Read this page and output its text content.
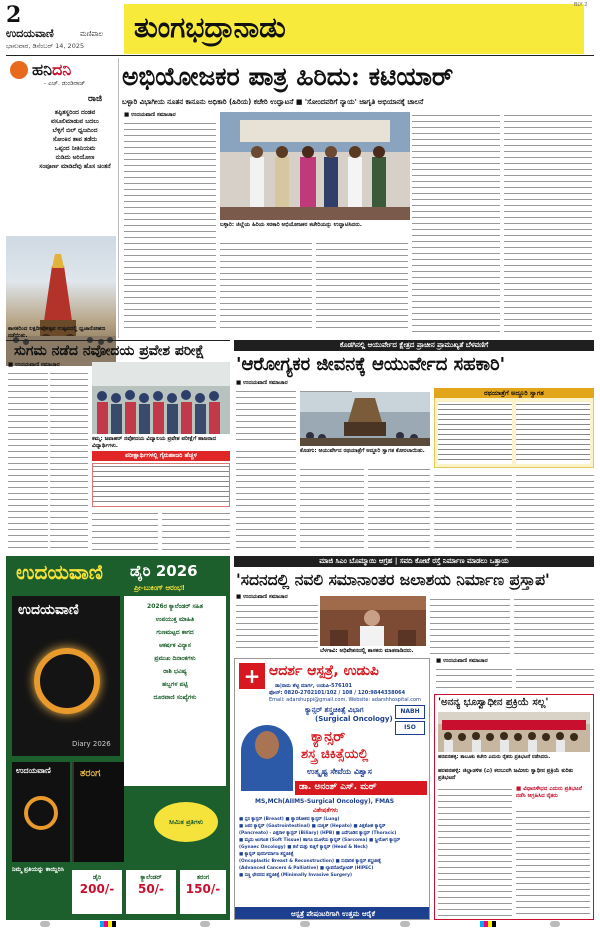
2
ಉದಯವಾಣಿ	ಮಣಿಪಾಲ
ಭಾನುವಾರ, ಡಿಸೆಂಬರ್ 14, 2025
ತುಂಗಭದ್ರಾನಾಡು
BLY 2
ಹನಿದನಿ
- ಎಚ್. ಡುಂಡಿರಾಜ್
ರಾಜಿ
ತಪ್ಪಿತಸ್ಥರಿಂದ ದಂಡವ
ವಸೂಲಿಮಾಡುವ ಬದಲು
ಬೆಳ್ಳಿಗೆ ಬಿಲ್ ಧ್ವಜದಿಂದ
ಸೋಂಕಿನ ತಾಪ ತಡೆದು
ಒಪ್ಪಂದ ನೀತಿನಿಯಮ
ನುಡಿದು ಅರಿಯೋಣ
ಸಂಪೂರ್ಣ ಮಾಡಿದೆವು ಹೊಸ ಚಿಂತನೆ
ಶಾಸಕರಿಂದ ಲಕ್ಷದೀಪೋತ್ಸವ ಉತ್ಸವದಲ್ಲಿ ಧ್ವಜಾರೋಹಣ ನಡೆಯಿತು.
ಅಭಿಯೋಜಕರ ಪಾತ್ರ ಹಿರಿದು: ಕಟಿಯಾರ್
ಬಳ್ಳಾರಿ ವಿಭಾಗೀಯ ನೂತನ ಕಾನೂನು ಅಧಿಕಾರಿ (ಹಿರಿಯ) ಕಚೇರಿ ಉದ್ಘಾಟನೆ ■ 'ಸೋಂದವರಿಗೆ ನ್ಯಾಯ' ಜಾಗೃತಿ ಅಭಿಯಾನಕ್ಕೆ ಚಾಲನೆ
■ ಉದಯವಾಣಿ ಸಮಾಚಾರ
ಬಳ್ಳಾರಿ: ಜಿಲ್ಲೆಯ ಹಿರಿಯ ಸರಕಾರಿ ಅಭಿಯೋಜಕರ ಕಚೇರಿಯನ್ನು ಉದ್ಘಾಟಿಸಿದರು.
ಸುಗಮ ನಡೆದ ನವೋದಯ ಪ್ರವೇಶ ಪರೀಕ್ಷೆ
■ ಉದಯವಾಣಿ ಸಮಾಚಾರ
ಕಮ್ಮ: ಜವಾಹರ್ ನವೋದಯ ವಿದ್ಯಾಲಯ ಪ್ರವೇಶ ಪರೀಕ್ಷೆಗೆ ಹಾಜರಾದ ವಿದ್ಯಾರ್ಥಿಗಳು.
ಪರೀಕ್ಷಾರ್ಥಿಗಳಲ್ಲಿ ಗೈರುಹಾಜರಿ ಹೆಚ್ಚಳ
ಕೊಡಗಿನಲ್ಲಿ ಆಯುರ್ವೇದ ಕ್ಷೇತ್ರದ ಪ್ರಾಚೀನ ಪ್ರಾಮುಖ್ಯತೆ ಬೆಳವಣಿಗೆ
'ಆರೋಗ್ಯಕರ ಜೀವನಕ್ಕೆ ಆಯುರ್ವೇದ ಸಹಕಾರಿ'
■ ಉದಯವಾಣಿ ಸಮಾಚಾರ
ಕೊಡಗು: ಆಯುರ್ವೇದ ರಥಯಾತ್ರೆಗೆ ಅದ್ದೂರಿ ಸ್ವಾಗತ ಕೋರಲಾಯಿತು.
ರಥಯಾತ್ರೆಗೆ ಅದ್ದೂರಿ ಸ್ವಾಗತ
ಮಾಜಿ ಸಿಎಂ ಬೊಮ್ಮಾಯಿ ಆಗ್ರಹ | ಸವದಿ ಕೋಟೆ ರಸ್ತೆ ನಿರ್ಮಾಣ ಮಾಡಲು ಒತ್ತಾಯ
'ಸದನದಲ್ಲಿ ನವಲಿ ಸಮಾನಾಂತರ ಜಲಾಶಯ ನಿರ್ಮಾಣ ಪ್ರಸ್ತಾಪ'
■ ಉದಯವಾಣಿ ಸಮಾಚಾರ
ಬೆಳಗಾವಿ: ಅಧಿವೇಶನದಲ್ಲಿ ಶಾಸಕರು ಮಾತನಾಡಿದರು.
ಉದಯವಾಣಿ ಡೈರಿ 2026
ಪ್ರೀ-ಬುಕಿಂಗ್ ಆರಂಭ!
ಉದಯವಾಣಿ
Diary 2026
2026ರ ಕ್ಯಾಲೆಂಡರ್ ಸಹಿತ
ಉಪಯುಕ್ತ ಮಾಹಿತಿ
ಗುಣಮಟ್ಟದ ಕಾಗದ
ಆಕರ್ಷಕ ವಿನ್ಯಾಸ
ಪ್ರಮುಖ ದಿನಾಂಕಗಳು
ರಾಶಿ ಭವಿಷ್ಯ
ಹಬ್ಬಗಳ ಪಟ್ಟಿ
ದೂರವಾಣಿ ಸಂಖ್ಯೆಗಳು
ಉದಯವಾಣಿ	ತರಂಗ
ಸೀಮಿತ ಪ್ರತಿಗಳು
ನಿಮ್ಮ ಪ್ರತಿಯನ್ನು ಕಾಯ್ದಿರಿಸಿ
ಡೈರಿ
200/-
ಕ್ಯಾಲೆಂಡರ್
50/-
ತರಂಗ
150/-
+ ಆದರ್ಶ ಆಸ್ಪತ್ರೆ, ಉಡುಪಿ
ಡಾ|ರಾಮ ಶೆಟ್ಟಿ ಮಾರ್ಗ, ಉಡುಪಿ-576101
ಫೋನ್: 0820-2702101/102 / 108 / 120:9844338064
Email: adarshuppi@gmail.com, Website: adarshhospital.com
ಕ್ಯಾನ್ಸರ್ ಶಸ್ತ್ರಚಿಕಿತ್ಸೆ ವಿಭಾಗ
(Surgical Oncology)
NABH
ISO
ಕ್ಯಾನ್ಸರ್
ಶಸ್ತ್ರ ಚಿಕಿತ್ಸೆಯಲ್ಲಿ
ಉತ್ಕೃಷ್ಟ ಸೇವೆಯ ವಿಶ್ವಾಸ
ಡಾ. ಅನಂತ್ ಎಸ್. ಮಠ್
MS,MCh(AIIMS-Surgical Oncology), FMAS
ವಿಶೇಷತೆಗಳು
■ ಸ್ತನ ಕ್ಯಾನ್ಸರ್ (Breast) ■ ಶ್ವಾಸಕೋಶದ ಕ್ಯಾನ್ಸರ್ (Lung)
■ ಜಠರ ಕ್ಯಾನ್ಸರ್ (Gastrointestinal) ■ ಯಕೃತ್ (Hepato) ■ ಪಿತ್ತಕೋಶ ಕ್ಯಾನ್ಸರ್
(Pancreato) - ಪಿತ್ತನಾಳ ಕ್ಯಾನ್ಸರ್ (Biliary) (HPB) ■ ಎದೆಗೂಡಿನ ಕ್ಯಾನ್ಸರ್ (Thoracic)
■ ಮೃದು ಅಂಗಾಂಶ (Soft Tissue) ಹಾಗೂ ಮೂಳೆಯ ಕ್ಯಾನ್ಸರ್ (Sarcoma) ■ ಸ್ತ್ರೀರೋಗ ಕ್ಯಾನ್ಸರ್
(Gynaec Oncology) ■ ತಲೆ ಮತ್ತು ಕುತ್ತಿಗೆ ಕ್ಯಾನ್ಸರ್ (Head & Neck)
■ ಕ್ಯಾನ್ಸರ್ ಪುನರ್ನಿರ್ಮಾಣ ಶಸ್ತ್ರಚಿಕಿತ್ಸೆ
(Oncoplastic Breast & Reconstruction) ■ ಸುಧಾರಿತ ಕ್ಯಾನ್ಸರ್ ಶಸ್ತ್ರಚಿಕಿತ್ಸೆ
(Advanced Cancers & Palliative) ■ ಲ್ಯಾಪರೋಸ್ಕೋಪಿಕ್ (HIPEC)
■ ಸಣ್ಣ ಛೇದನದ ಶಸ್ತ್ರಚಿಕಿತ್ಸೆ (Minimally Invasive Surgery)
ಆಸ್ಪತ್ರೆ ಪೇಷಂಟರಿಗಾಗಿ ಉತ್ತಮ ಆರೈಕೆ
■ ಉದಯವಾಣಿ ಸಮಾಚಾರ
'ಅನನ್ಯ ಭೂಸ್ವಾಧೀನ ಪ್ರಕ್ರಿಯೆ ಸಲ್ಲ'
ಹರಪನಹಳ್ಳಿ: ತಾಲೂಕು ಕಚೇರಿ ಎದುರು ರೈತರು ಪ್ರತಿಭಟನೆ ನಡೆಸಿದರು.
ಹರಪನಹಳ್ಳಿ: ಜಿಲ್ಲಾಡಳಿತ (ಎ) ಕಲಬುರಗಿ ಜಮೀನು ಸ್ವಾಧೀನ ಪ್ರಕ್ರಿಯೆ ಕುರಿತು ಪ್ರತಿಭಟನೆ
■ ವಿಧಾನಸೌಧದ ಎದುರು ಪ್ರತಿಭಟನೆ ನಡೆಸಿ ಆಗ್ರಹಿಸಿದ ರೈತರು
